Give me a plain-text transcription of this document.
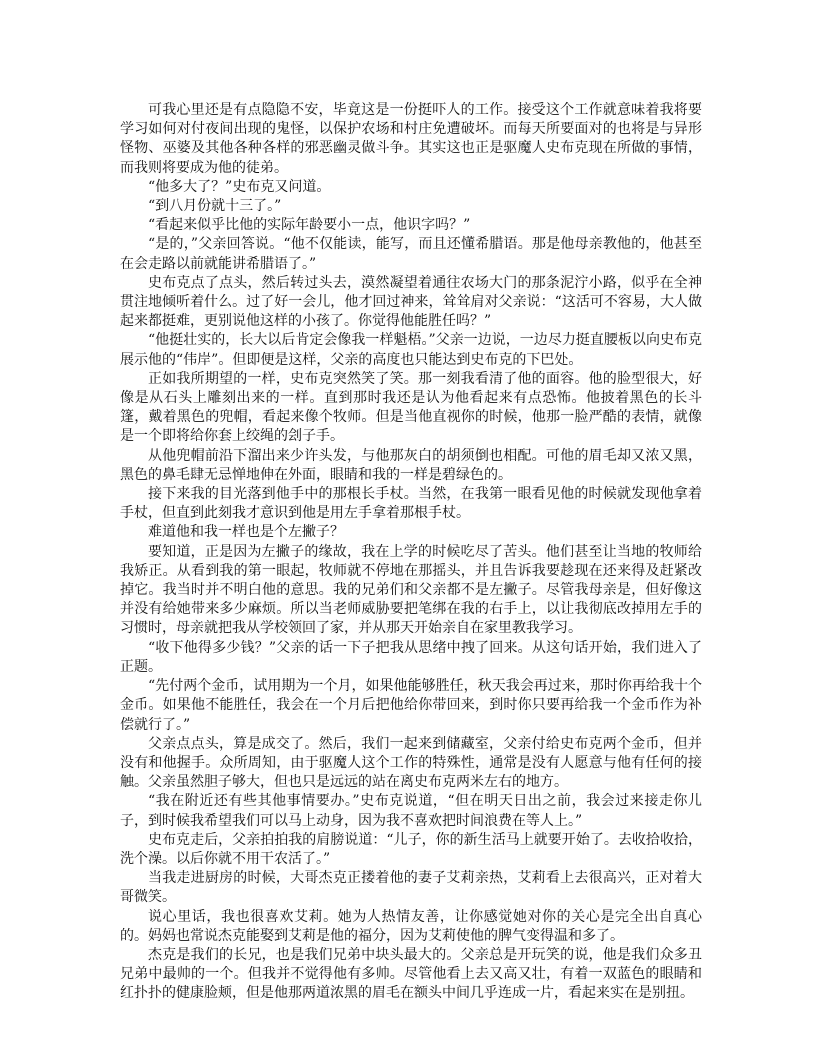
可我心里还是有点隐隐不安，毕竟这是一份挺吓人的工作。接受这个工作就意味着我将要学习如何对付夜间出现的鬼怪，以保护农场和村庄免遭破坏。而每天所要面对的也将是与异形怪物、巫婆及其他各种各样的邪恶幽灵做斗争。其实这也正是驱魔人史布克现在所做的事情，而我则将要成为他的徒弟。

“他多大了？”史布克又问道。

“到八月份就十三了。”

“看起来似乎比他的实际年龄要小一点，他识字吗？”

“是的，”父亲回答说。“他不仅能读，能写，而且还懂希腊语。那是他母亲教他的，他甚至在会走路以前就能讲希腊语了。”

史布克点了点头，然后转过头去，漠然凝望着通往农场大门的那条泥泞小路，似乎在全神贯注地倾听着什么。过了好一会儿，他才回过神来，耸耸肩对父亲说：“这活可不容易，大人做起来都挺难，更别说他这样的小孩了。你觉得他能胜任吗？”

“他挺壮实的，长大以后肯定会像我一样魁梧。”父亲一边说，一边尽力挺直腰板以向史布克展示他的“伟岸”。但即便是这样，父亲的高度也只能达到史布克的下巴处。

正如我所期望的一样，史布克突然笑了笑。那一刻我看清了他的面容。他的脸型很大，好像是从石头上雕刻出来的一样。直到那时我还是认为他看起来有点恐怖。他披着黑色的长斗篷，戴着黑色的兜帽，看起来像个牧师。但是当他直视你的时候，他那一脸严酷的表情，就像是一个即将给你套上绞绳的刽子手。

从他兜帽前沿下溜出来少许头发，与他那灰白的胡须倒也相配。可他的眉毛却又浓又黑，黑色的鼻毛肆无忌惮地伸在外面，眼睛和我的一样是碧绿色的。

接下来我的目光落到他手中的那根长手杖。当然，在我第一眼看见他的时候就发现他拿着手杖，但直到此刻我才意识到他是用左手拿着那根手杖。

难道他和我一样也是个左撇子？

要知道，正是因为左撇子的缘故，我在上学的时候吃尽了苦头。他们甚至让当地的牧师给我矫正。从看到我的第一眼起，牧师就不停地在那摇头，并且告诉我要趁现在还来得及赶紧改掉它。我当时并不明白他的意思。我的兄弟们和父亲都不是左撇子。尽管我母亲是，但好像这并没有给她带来多少麻烦。所以当老师威胁要把笔绑在我的右手上，以让我彻底改掉用左手的习惯时，母亲就把我从学校领回了家，并从那天开始亲自在家里教我学习。

“收下他得多少钱？”父亲的话一下子把我从思绪中拽了回来。从这句话开始，我们进入了正题。

“先付两个金币，试用期为一个月，如果他能够胜任，秋天我会再过来，那时你再给我十个金币。如果他不能胜任，我会在一个月后把他给你带回来，到时你只要再给我一个金币作为补偿就行了。”

父亲点点头，算是成交了。然后，我们一起来到储藏室，父亲付给史布克两个金币，但并没有和他握手。众所周知，由于驱魔人这个工作的特殊性，通常是没有人愿意与他有任何的接触。父亲虽然胆子够大，但也只是远远的站在离史布克两米左右的地方。

“我在附近还有些其他事情要办。”史布克说道，“但在明天日出之前，我会过来接走你儿子，到时候我希望我们可以马上动身，因为我不喜欢把时间浪费在等人上。”

史布克走后，父亲拍拍我的肩膀说道：“儿子，你的新生活马上就要开始了。去收拾收拾，洗个澡。以后你就不用干农活了。”

当我走进厨房的时候，大哥杰克正搂着他的妻子艾莉亲热，艾莉看上去很高兴，正对着大哥微笑。

说心里话，我也很喜欢艾莉。她为人热情友善，让你感觉她对你的关心是完全出自真心的。妈妈也常说杰克能娶到艾莉是他的福分，因为艾莉使他的脾气变得温和多了。

杰克是我们的长兄，也是我们兄弟中块头最大的。父亲总是开玩笑的说，他是我们众多丑兄弟中最帅的一个。但我并不觉得他有多帅。尽管他看上去又高又壮，有着一双蓝色的眼睛和红扑扑的健康脸颊，但是他那两道浓黑的眉毛在额头中间几乎连成一片，看起来实在是别扭。
